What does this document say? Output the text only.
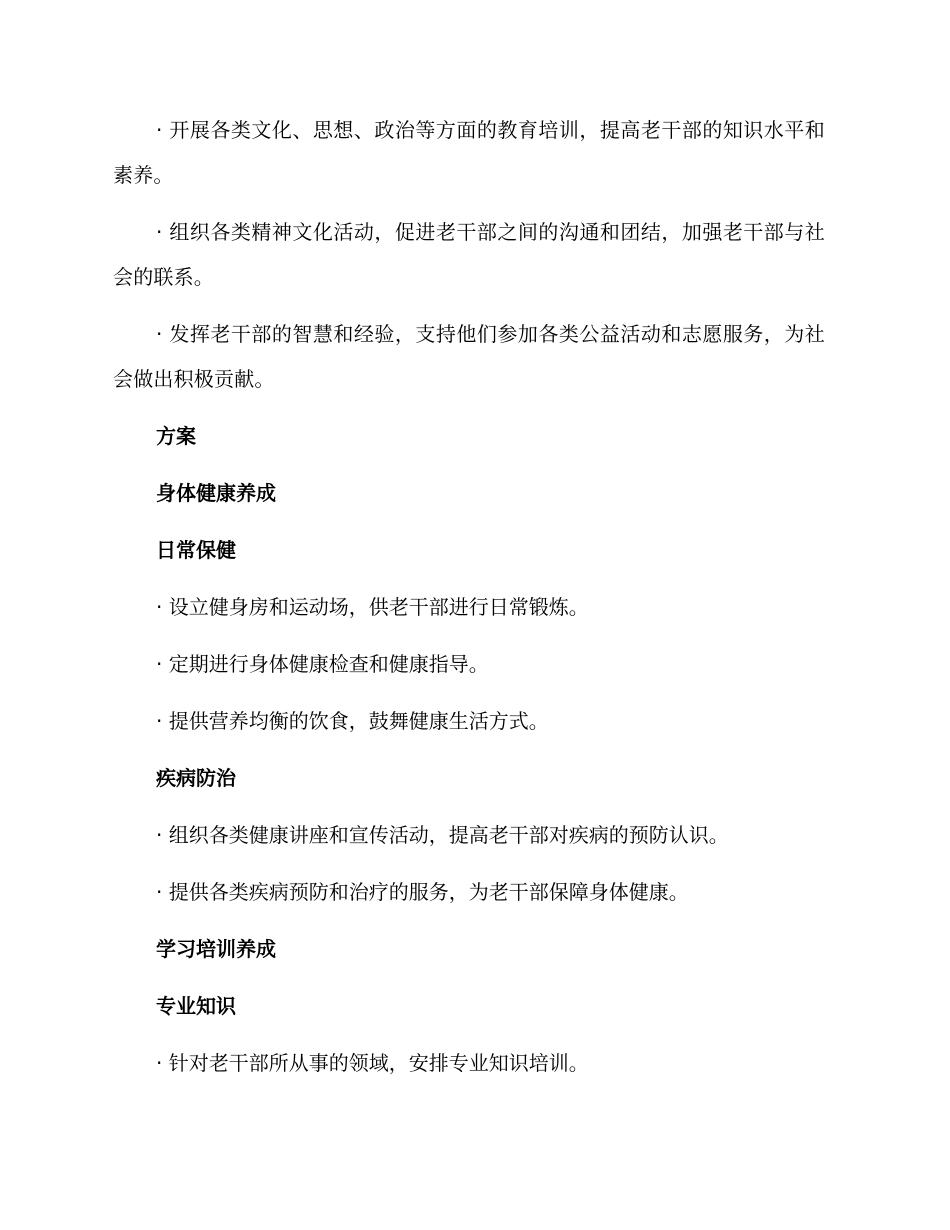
· 开展各类文化、思想、政治等方面的教育培训，提高老干部的知识水平和素养。

· 组织各类精神文化活动，促进老干部之间的沟通和团结，加强老干部与社会的联系。

· 发挥老干部的智慧和经验，支持他们参加各类公益活动和志愿服务，为社会做出积极贡献。

方案
身体健康养成
日常保健
· 设立健身房和运动场，供老干部进行日常锻炼。
· 定期进行身体健康检查和健康指导。
· 提供营养均衡的饮食，鼓舞健康生活方式。
疾病防治
· 组织各类健康讲座和宣传活动，提高老干部对疾病的预防认识。
· 提供各类疾病预防和治疗的服务，为老干部保障身体健康。
学习培训养成
专业知识
· 针对老干部所从事的领域，安排专业知识培训。
